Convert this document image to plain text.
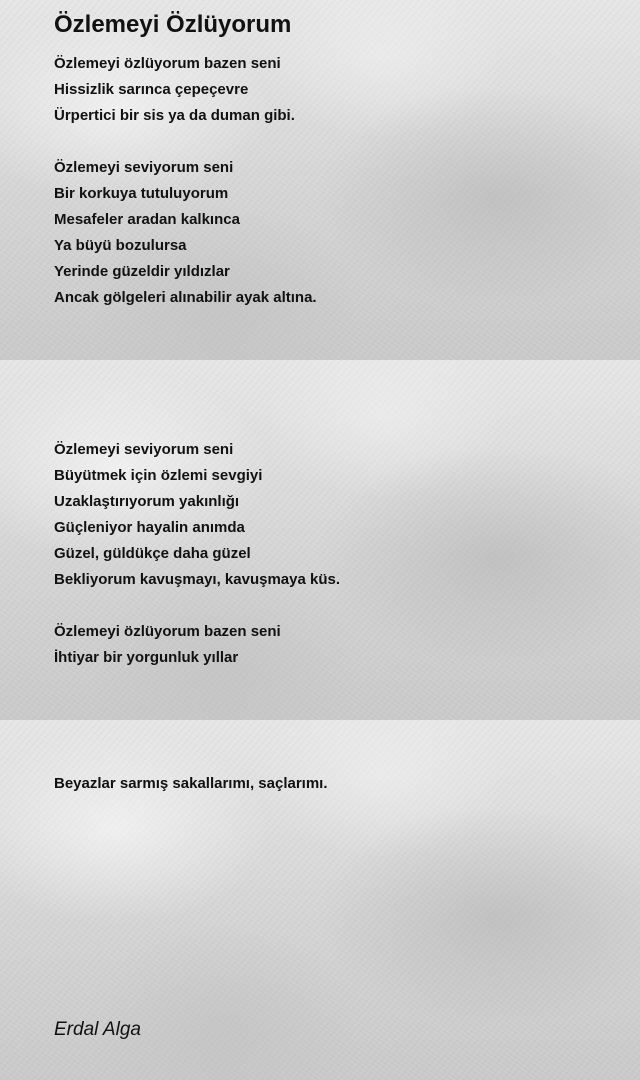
Özlemeyi Özlüyorum
Özlemeyi özlüyorum bazen seni
Hissizlik sarınca çepeçevre
Ürpertici bir sis ya da duman gibi.
Özlemeyi seviyorum seni
Bir korkuya tutuluyorum
Mesafeler aradan kalkınca
Ya büyü bozulursa
Yerinde güzeldir yıldızlar
Ancak gölgeleri alınabilir ayak altına.
Özlemeyi seviyorum seni
Büyütmek için özlemi sevgiyi
Uzaklaştırıyorum yakınlığı
Güçleniyor hayalin anımda
Güzel, güldükçe daha güzel
Bekliyorum kavuşmayı, kavuşmaya küs.
Özlemeyi özlüyorum bazen seni
İhtiyar bir yorgunluk yıllar
Beyazlar sarmış sakallarımı, saçlarımı.
Erdal Alga
